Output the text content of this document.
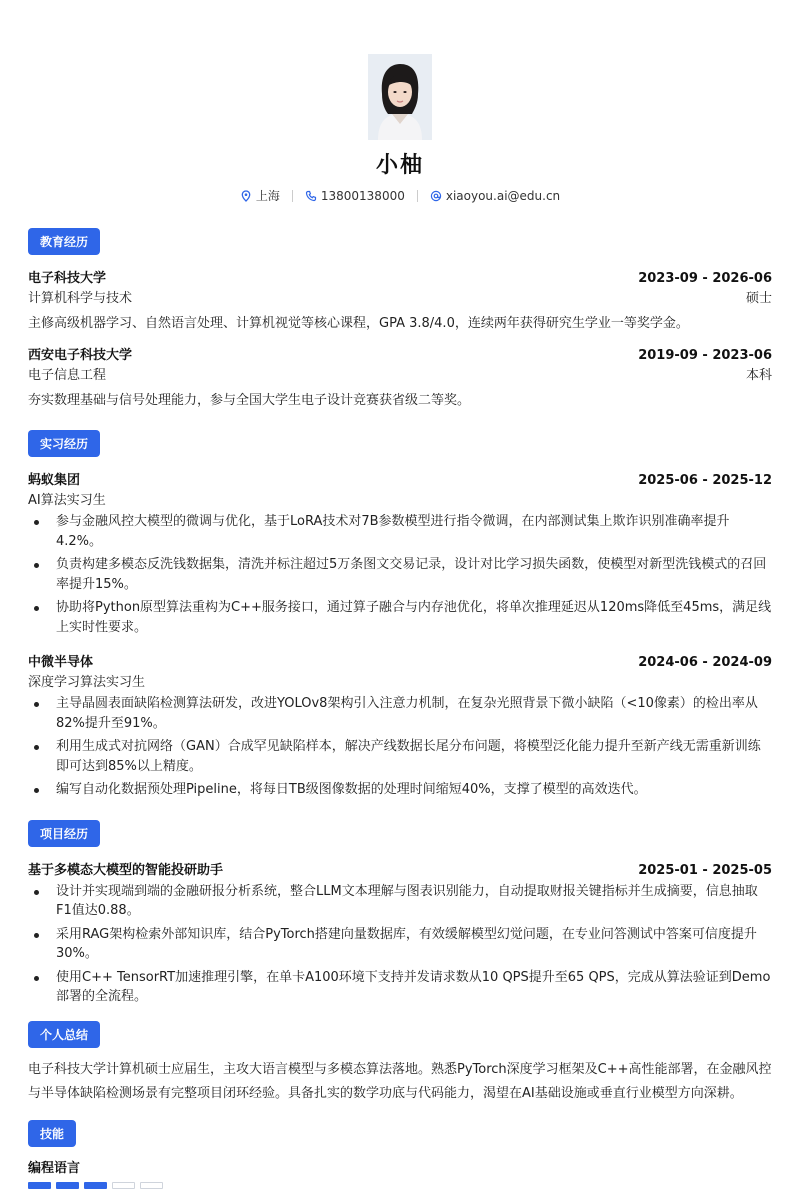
小柚
上海	13800138000	xiaoyou.ai@edu.cn
教育经历
电子科技大学	2023-09 - 2026-06
计算机科学与技术	硕士
主修高级机器学习、自然语言处理、计算机视觉等核心课程，GPA 3.8/4.0，连续两年获得研究生学业一等奖学金。
西安电子科技大学	2019-09 - 2023-06
电子信息工程	本科
夯实数理基础与信号处理能力，参与全国大学生电子设计竞赛获省级二等奖。
实习经历
蚂蚁集团	2025-06 - 2025-12
AI算法实习生
参与金融风控大模型的微调与优化，基于LoRA技术对7B参数模型进行指令微调，在内部测试集上欺诈识别准确率提升4.2%。
负责构建多模态反洗钱数据集，清洗并标注超过5万条图文交易记录，设计对比学习损失函数，使模型对新型洗钱模式的召回率提升15%。
协助将Python原型算法重构为C++服务接口，通过算子融合与内存池优化，将单次推理延迟从120ms降低至45ms，满足线上实时性要求。
中微半导体	2024-06 - 2024-09
深度学习算法实习生
主导晶圆表面缺陷检测算法研发，改进YOLOv8架构引入注意力机制，在复杂光照背景下微小缺陷（<10像素）的检出率从82%提升至91%。
利用生成式对抗网络（GAN）合成罕见缺陷样本，解决产线数据长尾分布问题，将模型泛化能力提升至新产线无需重新训练即可达到85%以上精度。
编写自动化数据预处理Pipeline，将每日TB级图像数据的处理时间缩短40%，支撑了模型的高效迭代。
项目经历
基于多模态大模型的智能投研助手	2025-01 - 2025-05
设计并实现端到端的金融研报分析系统，整合LLM文本理解与图表识别能力，自动提取财报关键指标并生成摘要，信息抽取F1值达0.88。
采用RAG架构检索外部知识库，结合PyTorch搭建向量数据库，有效缓解模型幻觉问题，在专业问答测试中答案可信度提升30%。
使用C++ TensorRT加速推理引擎，在单卡A100环境下支持并发请求数从10 QPS提升至65 QPS，完成从算法验证到Demo部署的全流程。
个人总结
电子科技大学计算机硕士应届生，主攻大语言模型与多模态算法落地。熟悉PyTorch深度学习框架及C++高性能部署，在金融风控与半导体缺陷检测场景有完整项目闭环经验。具备扎实的数学功底与代码能力，渴望在AI基础设施或垂直行业模型方向深耕。
技能
编程语言
